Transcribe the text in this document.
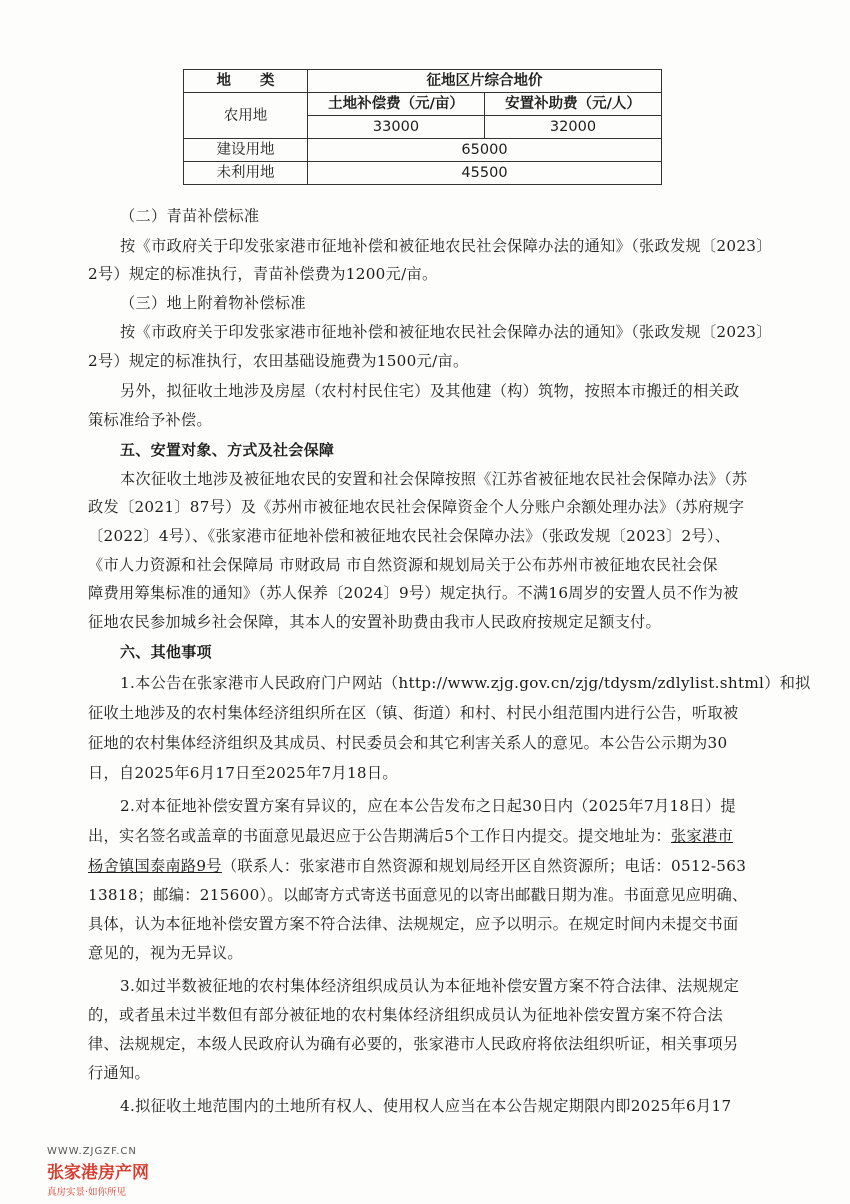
地　　类	征地区片综合地价	
农用地	土地补偿费（元/亩）	安置补助费（元/人）
	33000	32000
建设用地	65000	
未利用地	45500	
（二）青苗补偿标准
按《市政府关于印发张家港市征地补偿和被征地农民社会保障办法的通知》（张政发规〔2023〕
2号）规定的标准执行，青苗补偿费为1200元/亩。
（三）地上附着物补偿标准
按《市政府关于印发张家港市征地补偿和被征地农民社会保障办法的通知》（张政发规〔2023〕
2号）规定的标准执行，农田基础设施费为1500元/亩。
另外，拟征收土地涉及房屋（农村村民住宅）及其他建（构）筑物，按照本市搬迁的相关政
策标准给予补偿。
五、安置对象、方式及社会保障
本次征收土地涉及被征地农民的安置和社会保障按照《江苏省被征地农民社会保障办法》（苏
政发〔2021〕87号）及《苏州市被征地农民社会保障资金个人分账户余额处理办法》（苏府规字
〔2022〕4号）、《张家港市征地补偿和被征地农民社会保障办法》（张政发规〔2023〕2号）、
《市人力资源和社会保障局 市财政局 市自然资源和规划局关于公布苏州市被征地农民社会保
障费用筹集标准的通知》（苏人保养〔2024〕9号）规定执行。不满16周岁的安置人员不作为被
征地农民参加城乡社会保障，其本人的安置补助费由我市人民政府按规定足额支付。
六、其他事项
1.本公告在张家港市人民政府门户网站（http://www.zjg.gov.cn/zjg/tdysm/zdlylist.shtml）和拟
征收土地涉及的农村集体经济组织所在区（镇、街道）和村、村民小组范围内进行公告，听取被
征地的农村集体经济组织及其成员、村民委员会和其它利害关系人的意见。本公告公示期为30
日，自2025年6月17日至2025年7月18日。
2.对本征地补偿安置方案有异议的，应在本公告发布之日起30日内（2025年7月18日）提
出，实名签名或盖章的书面意见最迟应于公告期满后5个工作日内提交。提交地址为：张家港市
杨舍镇国泰南路9号（联系人：张家港市自然资源和规划局经开区自然资源所；电话：0512-563
13818；邮编：215600）。以邮寄方式寄送书面意见的以寄出邮戳日期为准。书面意见应明确、
具体，认为本征地补偿安置方案不符合法律、法规规定，应予以明示。在规定时间内未提交书面
意见的，视为无异议。
3.如过半数被征地的农村集体经济组织成员认为本征地补偿安置方案不符合法律、法规规定
的，或者虽未过半数但有部分被征地的农村集体经济组织成员认为征地补偿安置方案不符合法
律、法规规定，本级人民政府认为确有必要的，张家港市人民政府将依法组织听证，相关事项另
行通知。
4.拟征收土地范围内的土地所有权人、使用权人应当在本公告规定期限内即2025年6月17
WWW.ZJGZF.CN
张家港房产网
真房实景·如你所见
